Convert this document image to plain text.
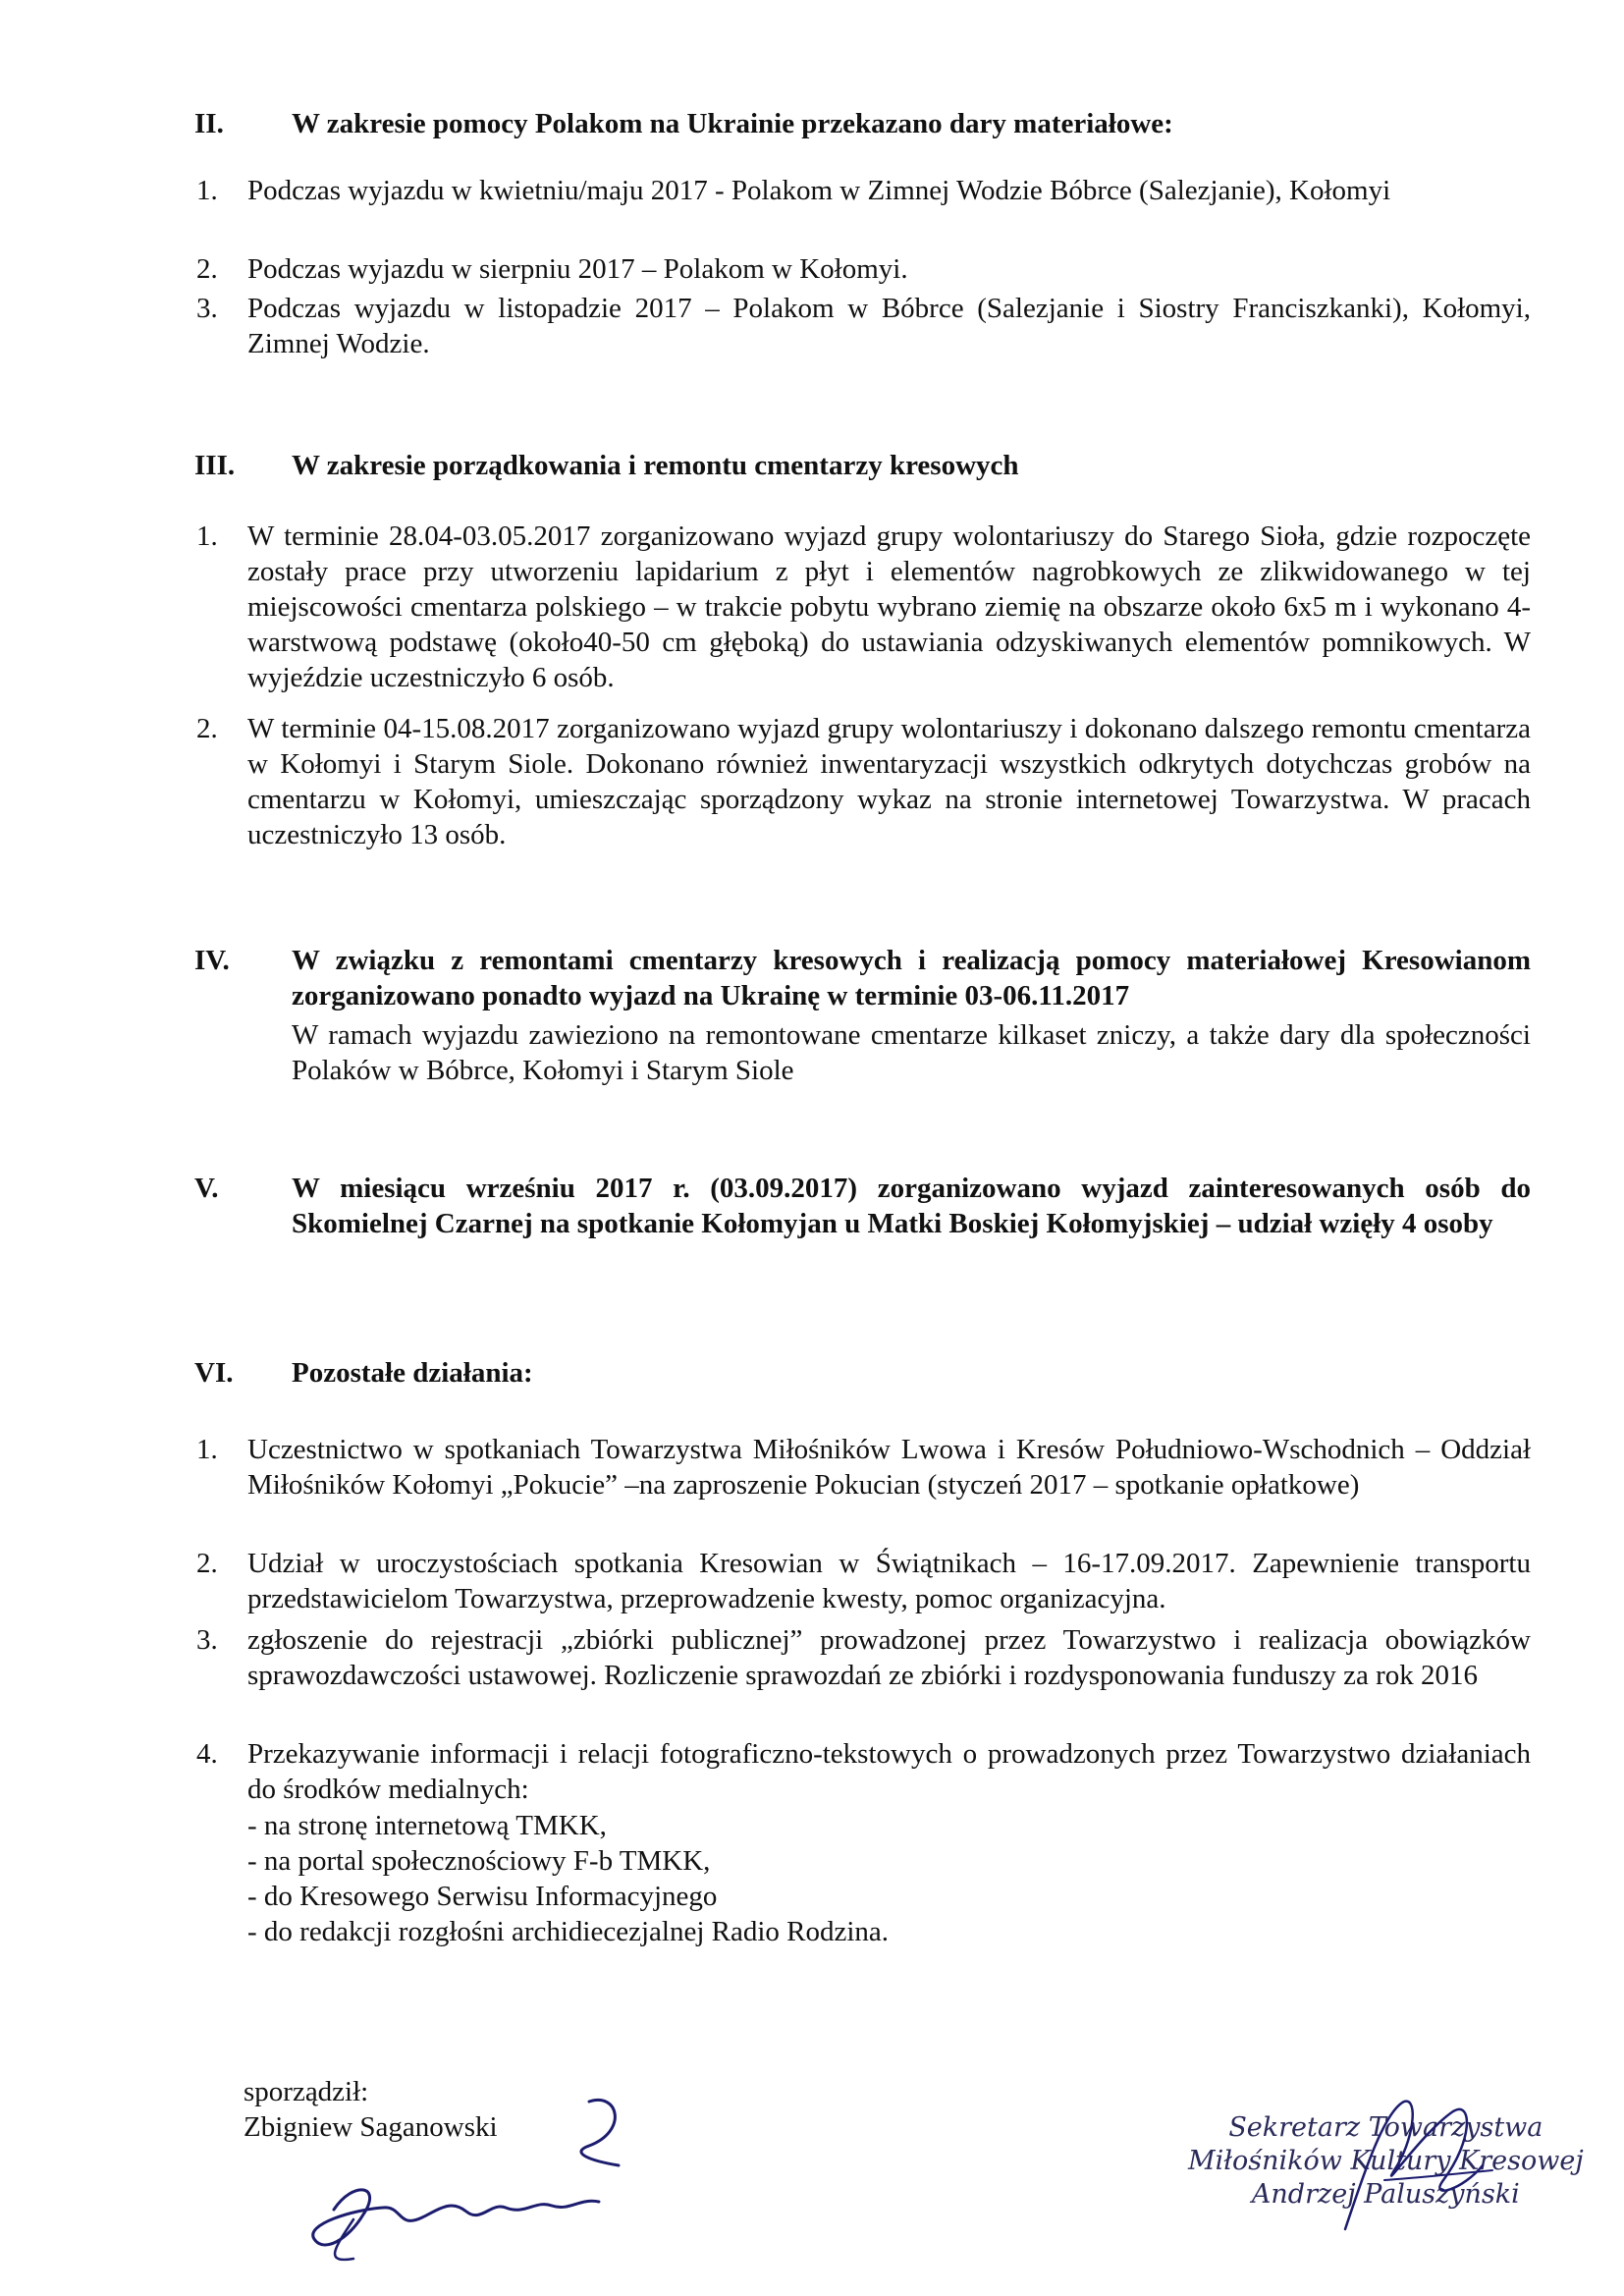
II. W zakresie pomocy Polakom na Ukrainie przekazano dary materiałowe:
1. Podczas wyjazdu w kwietniu/maju 2017 - Polakom w Zimnej Wodzie Bóbrce (Salezjanie), Kołomyi
2. Podczas wyjazdu w sierpniu 2017 – Polakom w Kołomyi.
3. Podczas wyjazdu w listopadzie 2017 – Polakom w Bóbrce (Salezjanie i Siostry Franciszkanki), Kołomyi, Zimnej Wodzie.
III. W zakresie porządkowania i remontu cmentarzy kresowych
1. W terminie 28.04-03.05.2017 zorganizowano wyjazd grupy wolontariuszy do Starego Sioła, gdzie rozpoczęte zostały prace przy utworzeniu lapidarium z płyt i elementów nagrobkowych ze zlikwidowanego w tej miejscowości cmentarza polskiego – w trakcie pobytu wybrano ziemię na obszarze około 6x5 m i wykonano 4-warstwową podstawę (około40-50 cm głęboką) do ustawiania odzyskiwanych elementów pomnikowych. W wyjeździe uczestniczyło 6 osób.
2. W terminie 04-15.08.2017 zorganizowano wyjazd grupy wolontariuszy i dokonano dalszego remontu cmentarza w Kołomyi i Starym Siole. Dokonano również inwentaryzacji wszystkich odkrytych dotychczas grobów na cmentarzu w Kołomyi, umieszczając sporządzony wykaz na stronie internetowej Towarzystwa. W pracach uczestniczyło 13 osób.
IV. W związku z remontami cmentarzy kresowych i realizacją pomocy materiałowej Kresowianom zorganizowano ponadto wyjazd na Ukrainę w terminie 03-06.11.2017
W ramach wyjazdu zawieziono na remontowane cmentarze kilkaset zniczy, a także dary dla społeczności Polaków w Bóbrce, Kołomyi i Starym Siole
V.	W miesiącu wrześniu 2017 r. (03.09.2017) zorganizowano wyjazd zainteresowanych osób do Skomielnej Czarnej na spotkanie Kołomyjan u Matki Boskiej Kołomyjskiej – udział wzięły 4 osoby
VI. Pozostałe działania:
1. Uczestnictwo w spotkaniach Towarzystwa Miłośników Lwowa i Kresów Południowo-Wschodnich – Oddział Miłośników Kołomyi „Pokucie” –na zaproszenie Pokucian (styczeń 2017 – spotkanie opłatkowe)
2. Udział w uroczystościach spotkania Kresowian w Świątnikach – 16-17.09.2017. Zapewnienie transportu przedstawicielom Towarzystwa, przeprowadzenie kwesty, pomoc organizacyjna.
3. zgłoszenie do rejestracji „zbiórki publicznej” prowadzonej przez Towarzystwo i realizacja obowiązków sprawozdawczości ustawowej. Rozliczenie sprawozdań ze zbiórki i rozdysponowania funduszy za rok 2016
4. Przekazywanie informacji i relacji fotograficzno-tekstowych o prowadzonych przez Towarzystwo działaniach do środków medialnych:
- na stronę internetową TMKK,
- na portal społecznościowy F-b TMKK,
- do Kresowego Serwisu Informacyjnego
- do redakcji rozgłośni archidiecezjalnej Radio Rodzina.
sporządził:
Zbigniew Saganowski	Sekretarz Towarzystwa
Miłośników Kultury Kresowej
Andrzej Paluszyński
